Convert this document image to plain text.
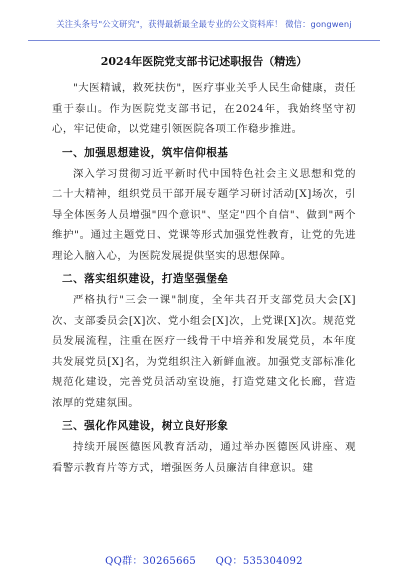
关注头条号"公文研究"，获得最新最全最专业的公文资料库！ 微信：gongwenj
2024年医院党支部书记述职报告（精选）

"大医精诚，救死扶伤"，医疗事业关乎人民生命健康，责任重于泰山。作为医院党支部书记，在2024年，我始终坚守初心，牢记使命，以党建引领医院各项工作稳步推进。

一、加强思想建设，筑牢信仰根基

深入学习贯彻习近平新时代中国特色社会主义思想和党的二十大精神，组织党员干部开展专题学习研讨活动[X]场次，引导全体医务人员增强"四个意识"、坚定"四个自信"、做到"两个维护"。通过主题党日、党课等形式加强党性教育，让党的先进理论入脑入心，为医院发展提供坚实的思想保障。

二、落实组织建设，打造坚强堡垒

严格执行"三会一课"制度，全年共召开支部党员大会[X]次、支部委员会[X]次、党小组会[X]次，上党课[X]次。规范党员发展流程，注重在医疗一线骨干中培养和发展党员，本年度共发展党员[X]名，为党组织注入新鲜血液。加强党支部标准化规范化建设，完善党员活动室设施，打造党建文化长廊，营造浓厚的党建氛围。

三、强化作风建设，树立良好形象

持续开展医德医风教育活动，通过举办医德医风讲座、观看警示教育片等方式，增强医务人员廉洁自律意识。建

QQ群：30265665 QQ：535304092
